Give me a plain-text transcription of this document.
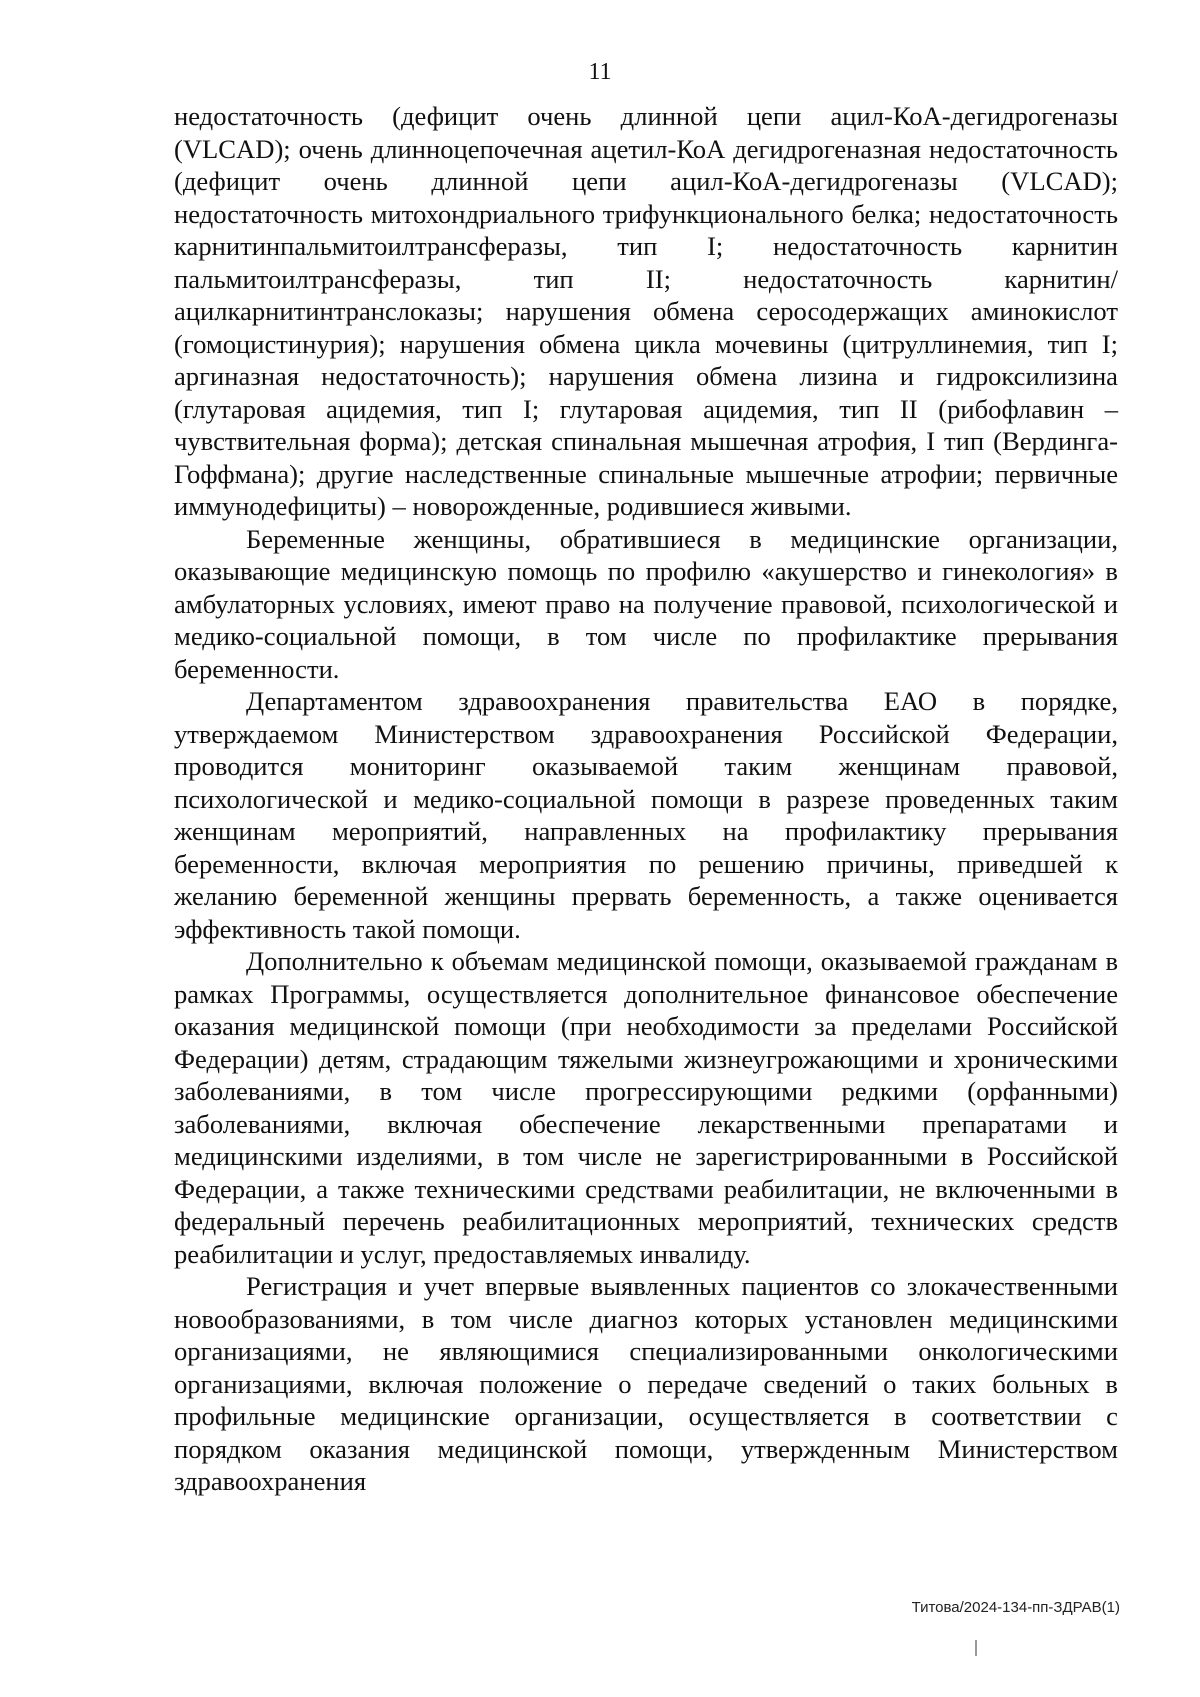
11

недостаточность (дефицит очень длинной цепи ацил-КоА-дегидрогеназы (VLCAD); очень длинноцепочечная ацетил-КоА дегидрогеназная недостаточность (дефицит очень длинной цепи ацил-КоА-дегидрогеназы (VLCAD); недостаточность митохондриального трифункционального белка; недостаточность карнитинпальмитоилтрансферазы, тип I; недостаточность карнитин пальмитоилтрансферазы, тип II; недостаточность карнитин/ацилкарнитинтранслоказы; нарушения обмена серосодержащих аминокислот (гомоцистинурия); нарушения обмена цикла мочевины (цитруллинемия, тип I; аргиназная недостаточность); нарушения обмена лизина и гидроксилизина (глутаровая ацидемия, тип I; глутаровая ацидемия, тип II (рибофлавин – чувствительная форма); детская спинальная мышечная атрофия, I тип (Вердинга-Гоффмана); другие наследственные спинальные мышечные атрофии; первичные иммунодефициты) – новорожденные, родившиеся живыми.

Беременные женщины, обратившиеся в медицинские организации, оказывающие медицинскую помощь по профилю «акушерство и гинекология» в амбулаторных условиях, имеют право на получение правовой, психологической и медико-социальной помощи, в том числе по профилактике прерывания беременности.

Департаментом здравоохранения правительства ЕАО в порядке, утверждаемом Министерством здравоохранения Российской Федерации, проводится мониторинг оказываемой таким женщинам правовой, психологической и медико-социальной помощи в разрезе проведенных таким женщинам мероприятий, направленных на профилактику прерывания беременности, включая мероприятия по решению причины, приведшей к желанию беременной женщины прервать беременность, а также оценивается эффективность такой помощи.

Дополнительно к объемам медицинской помощи, оказываемой гражданам в рамках Программы, осуществляется дополнительное финансовое обеспечение оказания медицинской помощи (при необходимости за пределами Российской Федерации) детям, страдающим тяжелыми жизнеугрожающими и хроническими заболеваниями, в том числе прогрессирующими редкими (орфанными) заболеваниями, включая обеспечение лекарственными препаратами и медицинскими изделиями, в том числе не зарегистрированными в Российской Федерации, а также техническими средствами реабилитации, не включенными в федеральный перечень реабилитационных мероприятий, технических средств реабилитации и услуг, предоставляемых инвалиду.

Регистрация и учет впервые выявленных пациентов со злокачественными новообразованиями, в том числе диагноз которых установлен медицинскими организациями, не являющимися специализированными онкологическими организациями, включая положение о передаче сведений о таких больных в профильные медицинские организации, осуществляется в соответствии с порядком оказания медицинской помощи, утвержденным Министерством здравоохранения

Титова/2024-134-пп-ЗДРАВ(1)
